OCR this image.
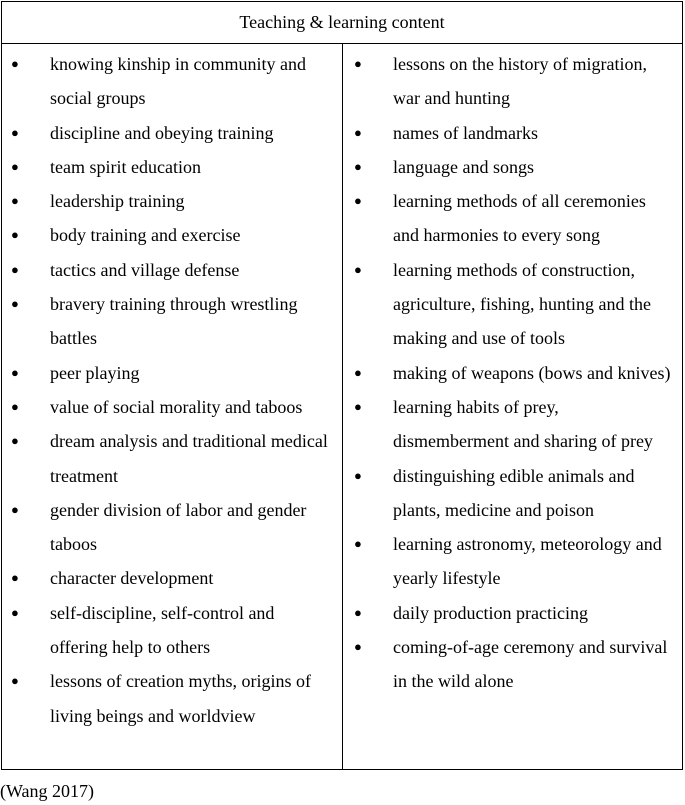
Teaching & learning content
● knowing kinship in community and social groups
● discipline and obeying training
● team spirit education
● leadership training
● body training and exercise
● tactics and village defense
● bravery training through wrestling battles
● peer playing
● value of social morality and taboos
● dream analysis and traditional medical treatment
● gender division of labor and gender taboos
● character development
● self-discipline, self-control and offering help to others
● lessons of creation myths, origins of living beings and worldview
● lessons on the history of migration, war and hunting
● names of landmarks
● language and songs
● learning methods of all ceremonies and harmonies to every song
● learning methods of construction, agriculture, fishing, hunting and the making and use of tools
● making of weapons (bows and knives)
● learning habits of prey, dismemberment and sharing of prey
● distinguishing edible animals and plants, medicine and poison
● learning astronomy, meteorology and yearly lifestyle
● daily production practicing
● coming-of-age ceremony and survival in the wild alone
(Wang 2017)
